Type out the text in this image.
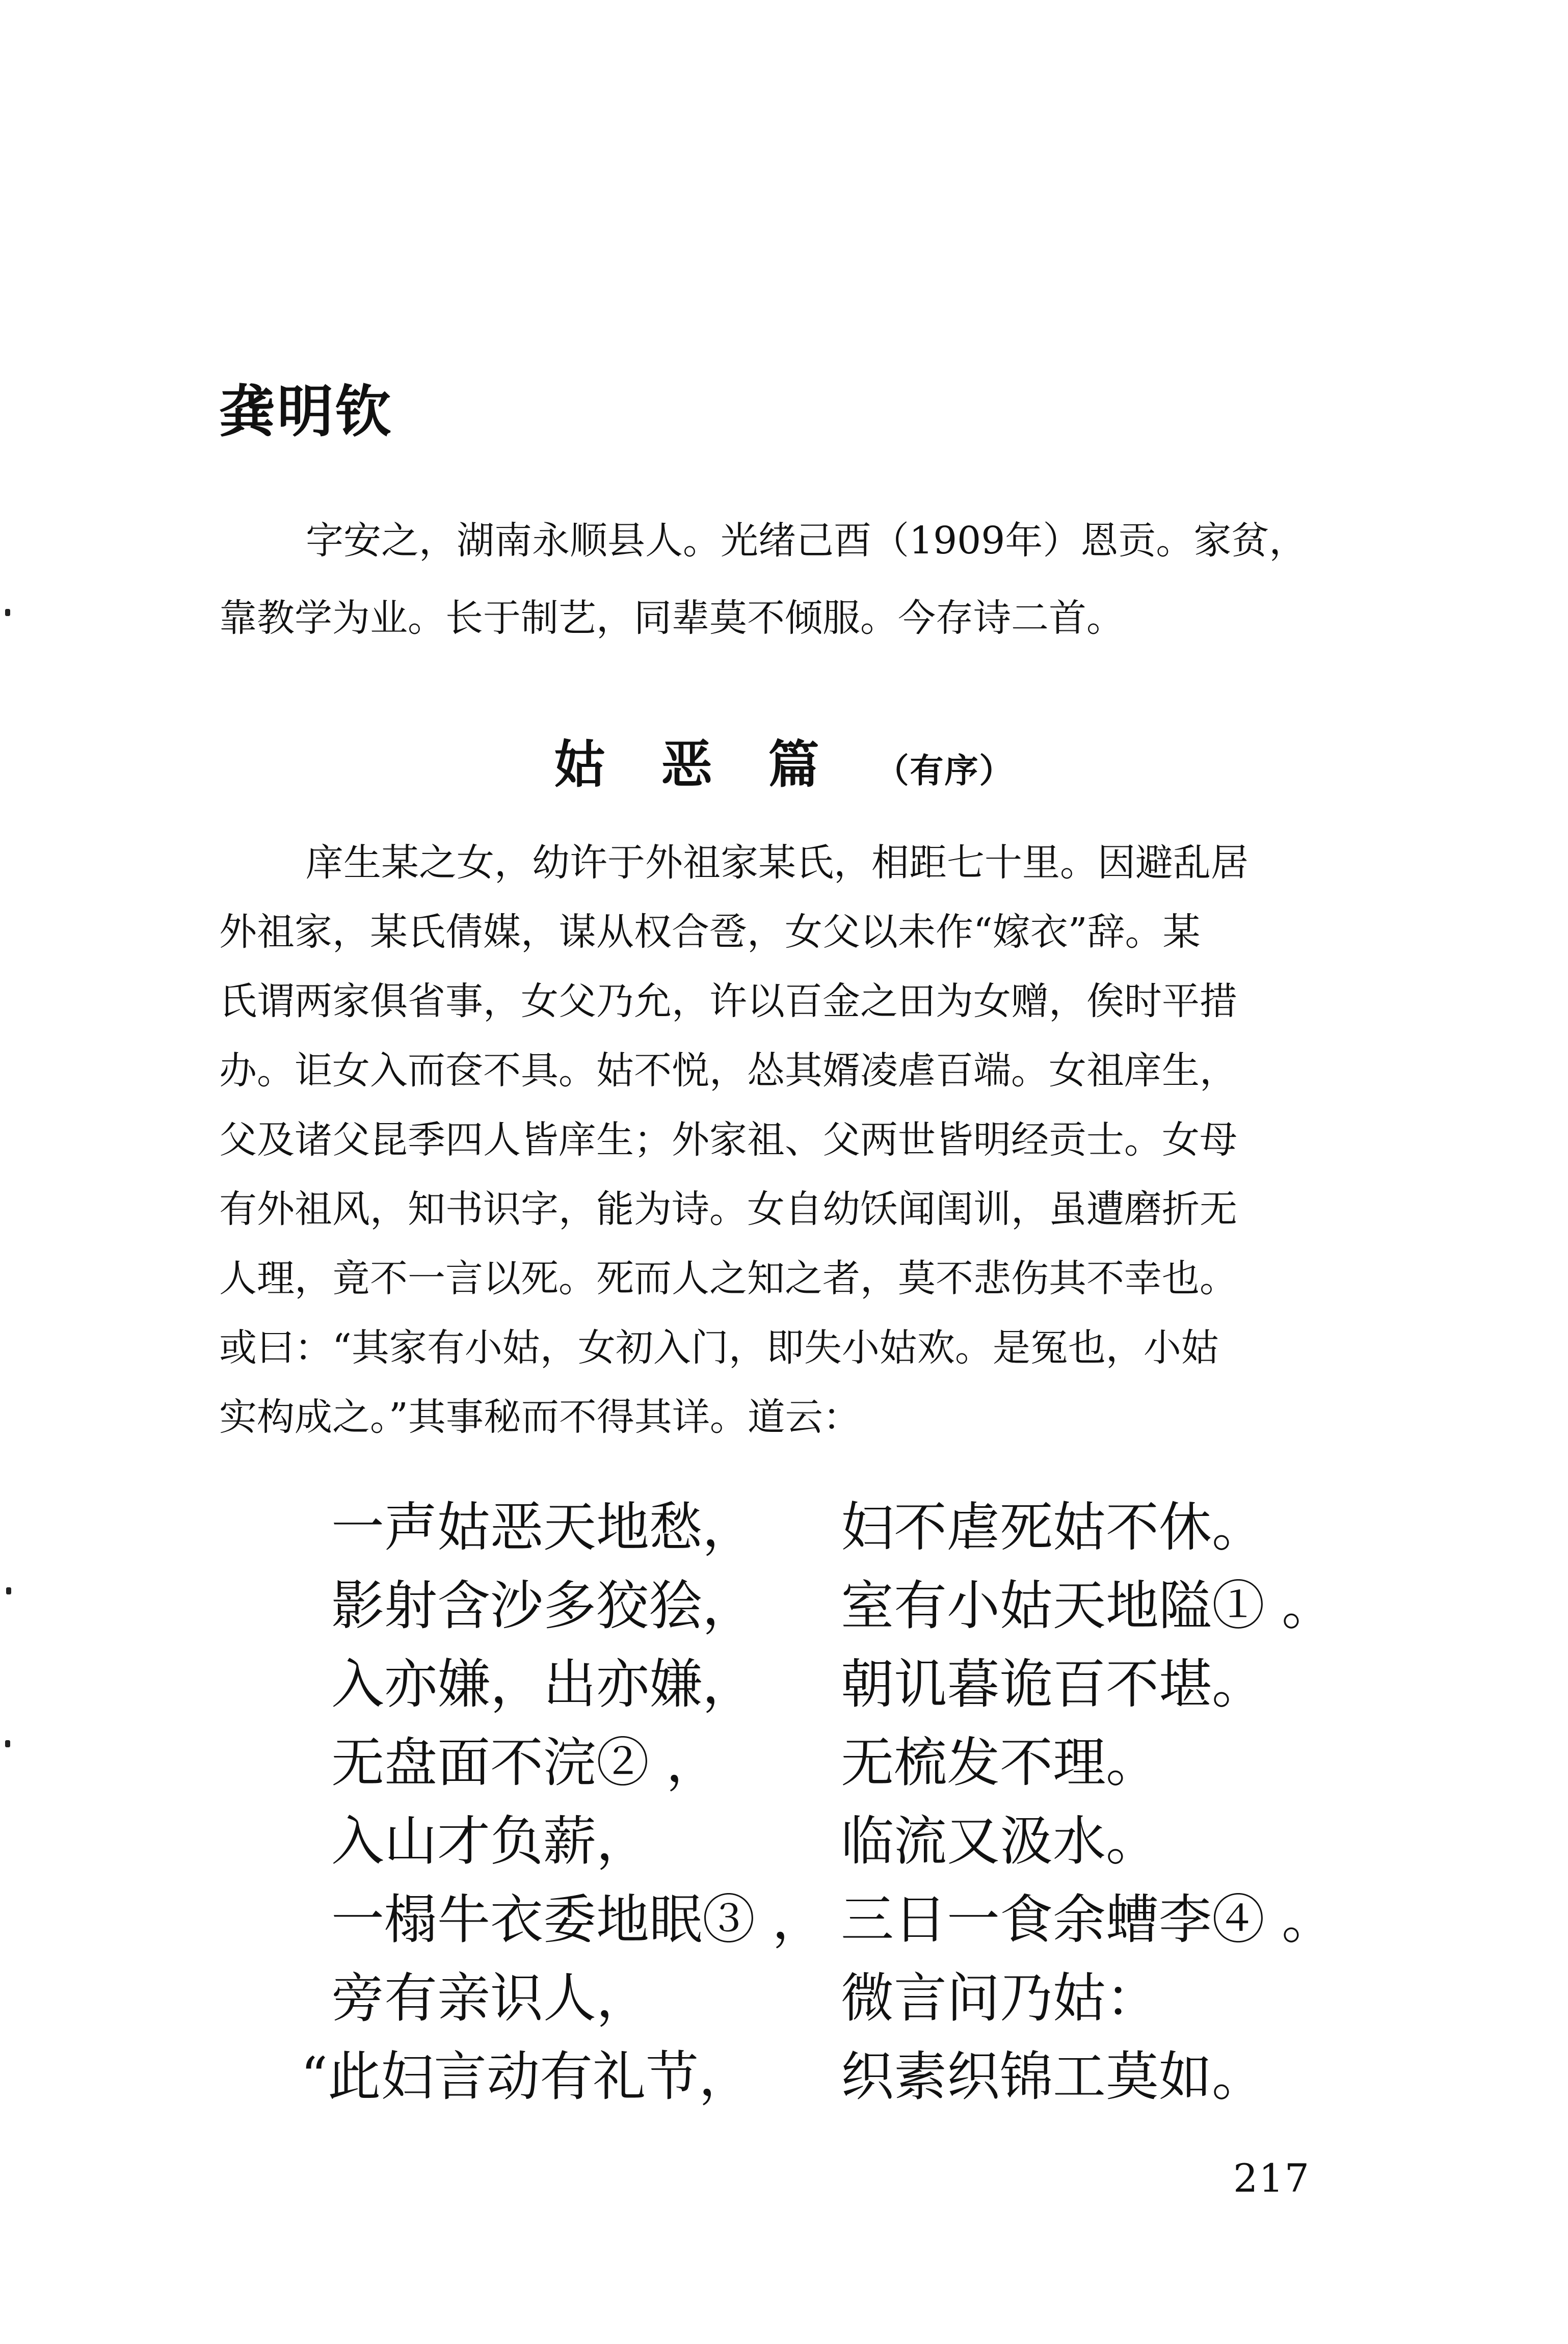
龚明钦

字安之，湖南永顺县人。光绪己酉（1909年）恩贡。家贫，
靠教学为业。长于制艺，同辈莫不倾服。今存诗二首。

姑恶篇（有序）

庠生某之女，幼许于外祖家某氏，相距七十里。因避乱居
外祖家，某氏倩媒，谋从权合卺，女父以未作“嫁衣”辞。某
氏谓两家俱省事，女父乃允，许以百金之田为女赠，俟时平措
办。讵女入而奁不具。姑不悦，怂其婿凌虐百端。女祖庠生，
父及诸父昆季四人皆庠生；外家祖、父两世皆明经贡士。女母
有外祖风，知书识字，能为诗。女自幼饫闻闺训，虽遭磨折无
人理，竟不一言以死。死而人之知之者，莫不悲伤其不幸也。
或曰：“其家有小姑，女初入门，即失小姑欢。是冤也，小姑
实构成之。”其事秘而不得其详。道云：

一声姑恶天地愁，	妇不虐死姑不休。
影射含沙多狡狯，	室有小姑天地隘① 。
入亦嫌，出亦嫌，	朝讥暮诡百不堪。
无盘面不浣② ，	无梳发不理。
入山才负薪，	临流又汲水。
一榻牛衣委地眠③ ， 三日一食余螬李④ 。
旁有亲识人，	微言问乃姑：
“此妇言动有礼节，	织素织锦工莫如。
217
